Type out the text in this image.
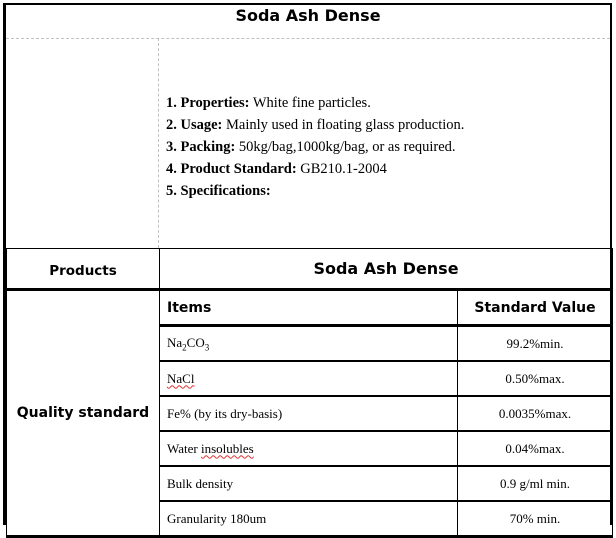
Soda Ash Dense
1. Properties: White fine particles.
2. Usage: Mainly used in floating glass production.
3. Packing: 50kg/bag,1000kg/bag, or as required.
4. Product Standard: GB210.1-2004
5. Specifications:
Products	Soda Ash Dense	
Quality standard	Items	Standard Value
	$Na_2CO_3$	99.2%min.
	NaCl	0.50%max.
	Fe% (by its dry-basis)	0.0035%max.
	Water insolubles	0.04%max.
	Bulk density	0.9 g/ml min.
	Granularity 180um	70% min.
